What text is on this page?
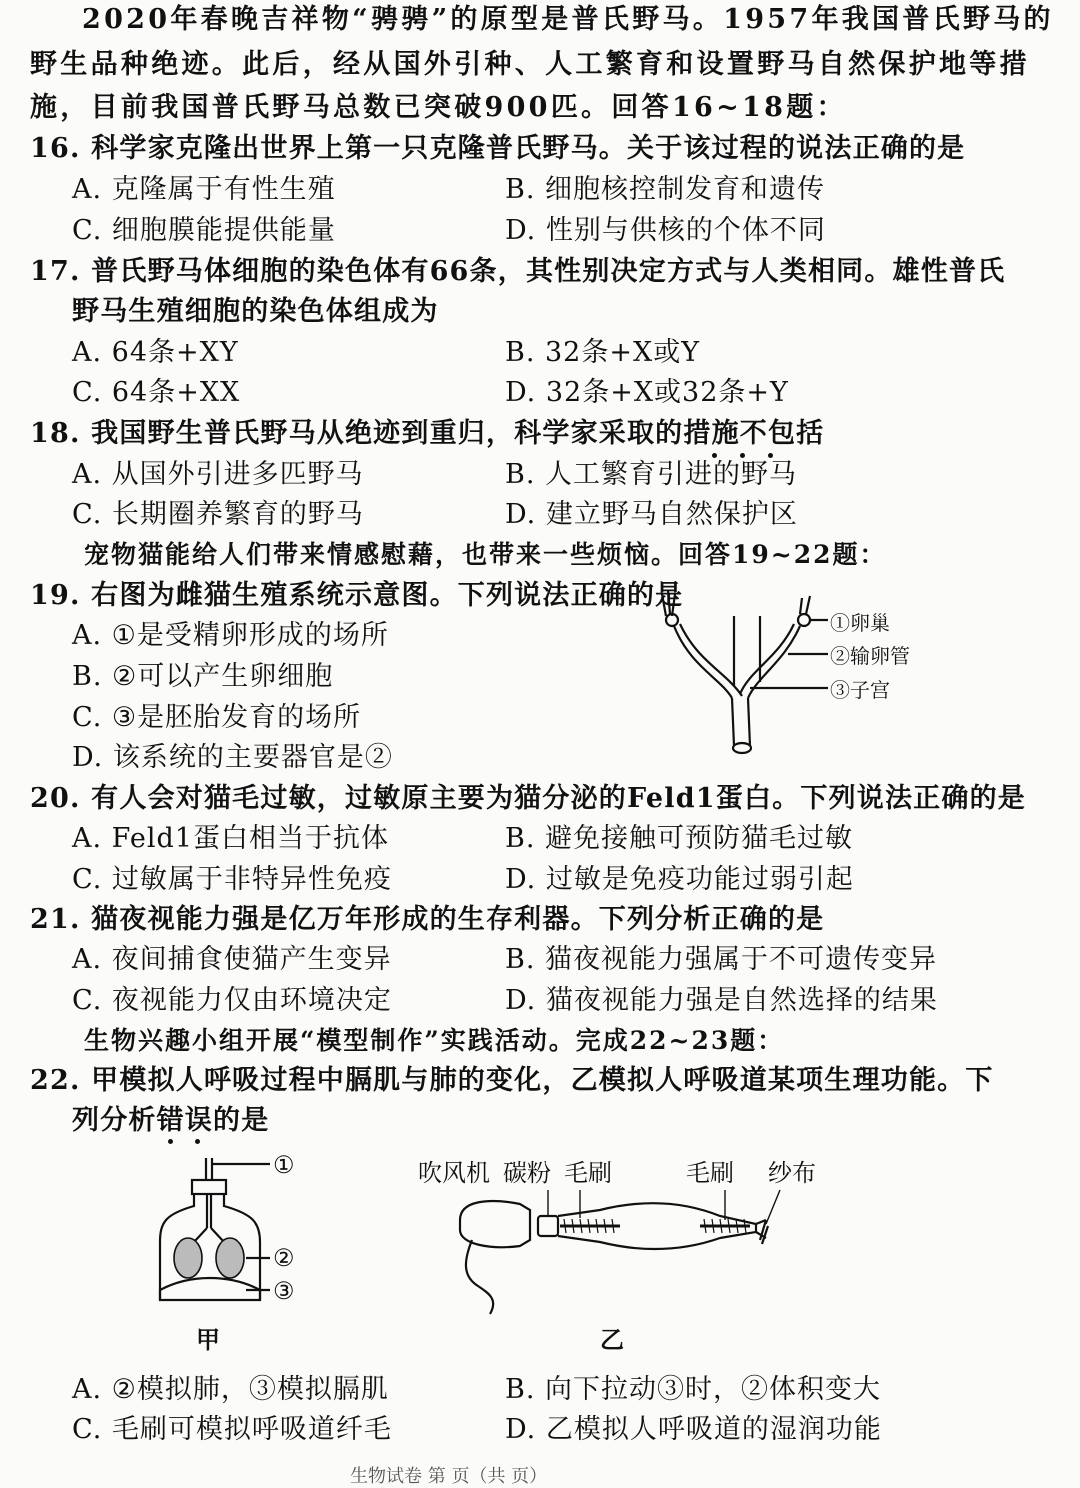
2020年春晚吉祥物“骋骋”的原型是普氏野马。1957年我国普氏野马的
野生品种绝迹。此后，经从国外引种、人工繁育和设置野马自然保护地等措
施，目前我国普氏野马总数已突破900匹。回答16~18题：
16. 科学家克隆出世界上第一只克隆普氏野马。关于该过程的说法正确的是
A. 克隆属于有性生殖	B. 细胞核控制发育和遗传
C. 细胞膜能提供能量	D. 性别与供核的个体不同
17. 普氏野马体细胞的染色体有66条，其性别决定方式与人类相同。雄性普氏
野马生殖细胞的染色体组成为
A. 64条+XY	B. 32条+X或Y
C. 64条+XX	D. 32条+X或32条+Y
18. 我国野生普氏野马从绝迹到重归，科学家采取的措施不包括
A. 从国外引进多匹野马	B. 人工繁育引进的野马
C. 长期圈养繁育的野马	D. 建立野马自然保护区
宠物猫能给人们带来情感慰藉，也带来一些烦恼。回答19~22题：
19. 右图为雌猫生殖系统示意图。下列说法正确的是
A. ①是受精卵形成的场所
B. ②可以产生卵细胞
C. ③是胚胎发育的场所
D. 该系统的主要器官是②
①卵巢
②输卵管
③子宫
20. 有人会对猫毛过敏，过敏原主要为猫分泌的Feld1蛋白。下列说法正确的是
A. Feld1蛋白相当于抗体	B. 避免接触可预防猫毛过敏
C. 过敏属于非特异性免疫	D. 过敏是免疫功能过弱引起
21. 猫夜视能力强是亿万年形成的生存利器。下列分析正确的是
A. 夜间捕食使猫产生变异	B. 猫夜视能力强属于不可遗传变异
C. 夜视能力仅由环境决定	D. 猫夜视能力强是自然选择的结果
生物兴趣小组开展“模型制作”实践活动。完成22~23题：
22. 甲模拟人呼吸过程中膈肌与肺的变化，乙模拟人呼吸道某项生理功能。下
列分析错误的是
①
②
③
甲
吹风机 碳粉 毛刷	毛刷 纱布
乙
A. ②模拟肺，③模拟膈肌	B. 向下拉动③时，②体积变大
C. 毛刷可模拟呼吸道纤毛	D. 乙模拟人呼吸道的湿润功能
生物试卷 第 页（共 页）
